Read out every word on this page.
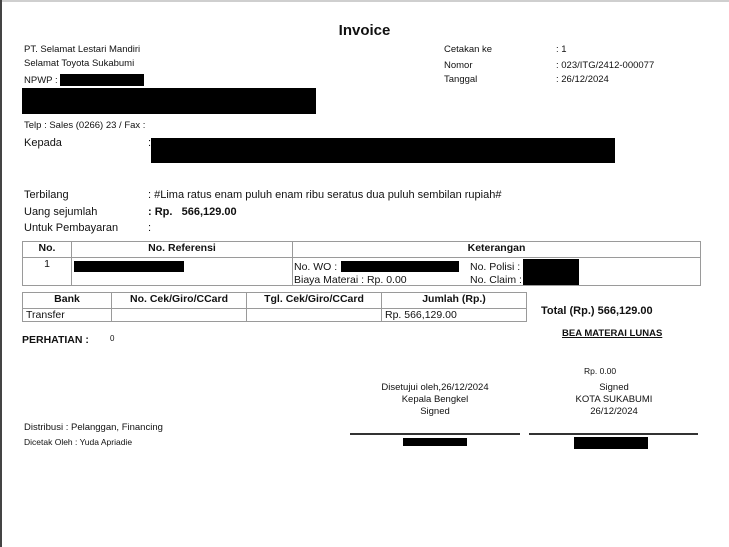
Invoice
PT. Selamat Lestari Mandiri
Selamat Toyota Sukabumi
NPWP :
Telp : Sales (0266) 23 / Fax :
Cetakan ke	: 1
Nomor	: 023/ITG/2412-000077
Tanggal	: 26/12/2024
Kepada	:
Terbilang	: #Lima ratus enam puluh enam ribu seratus dua puluh sembilan rupiah#
Uang sejumlah	: Rp.   566,129.00
Untuk Pembayaran	:
No.	No. Referensi	Keterangan
1			No. WO :
Biaya Materai : Rp. 0.00
No. Polisi :
No. Claim :
Bank	No. Cek/Giro/CCard	Tgl. Cek/Giro/CCard	Jumlah (Rp.)
Transfer			Rp. 566,129.00	Total (Rp.) 566,129.00
BEA MATERAI LUNAS
PERHATIAN :	0
Rp. 0.00
Disetujui oleh,26/12/2024
Kepala Bengkel
Signed
Signed
KOTA SUKABUMI
26/12/2024
Distribusi : Pelanggan, Financing
Dicetak Oleh : Yuda Apriadie
